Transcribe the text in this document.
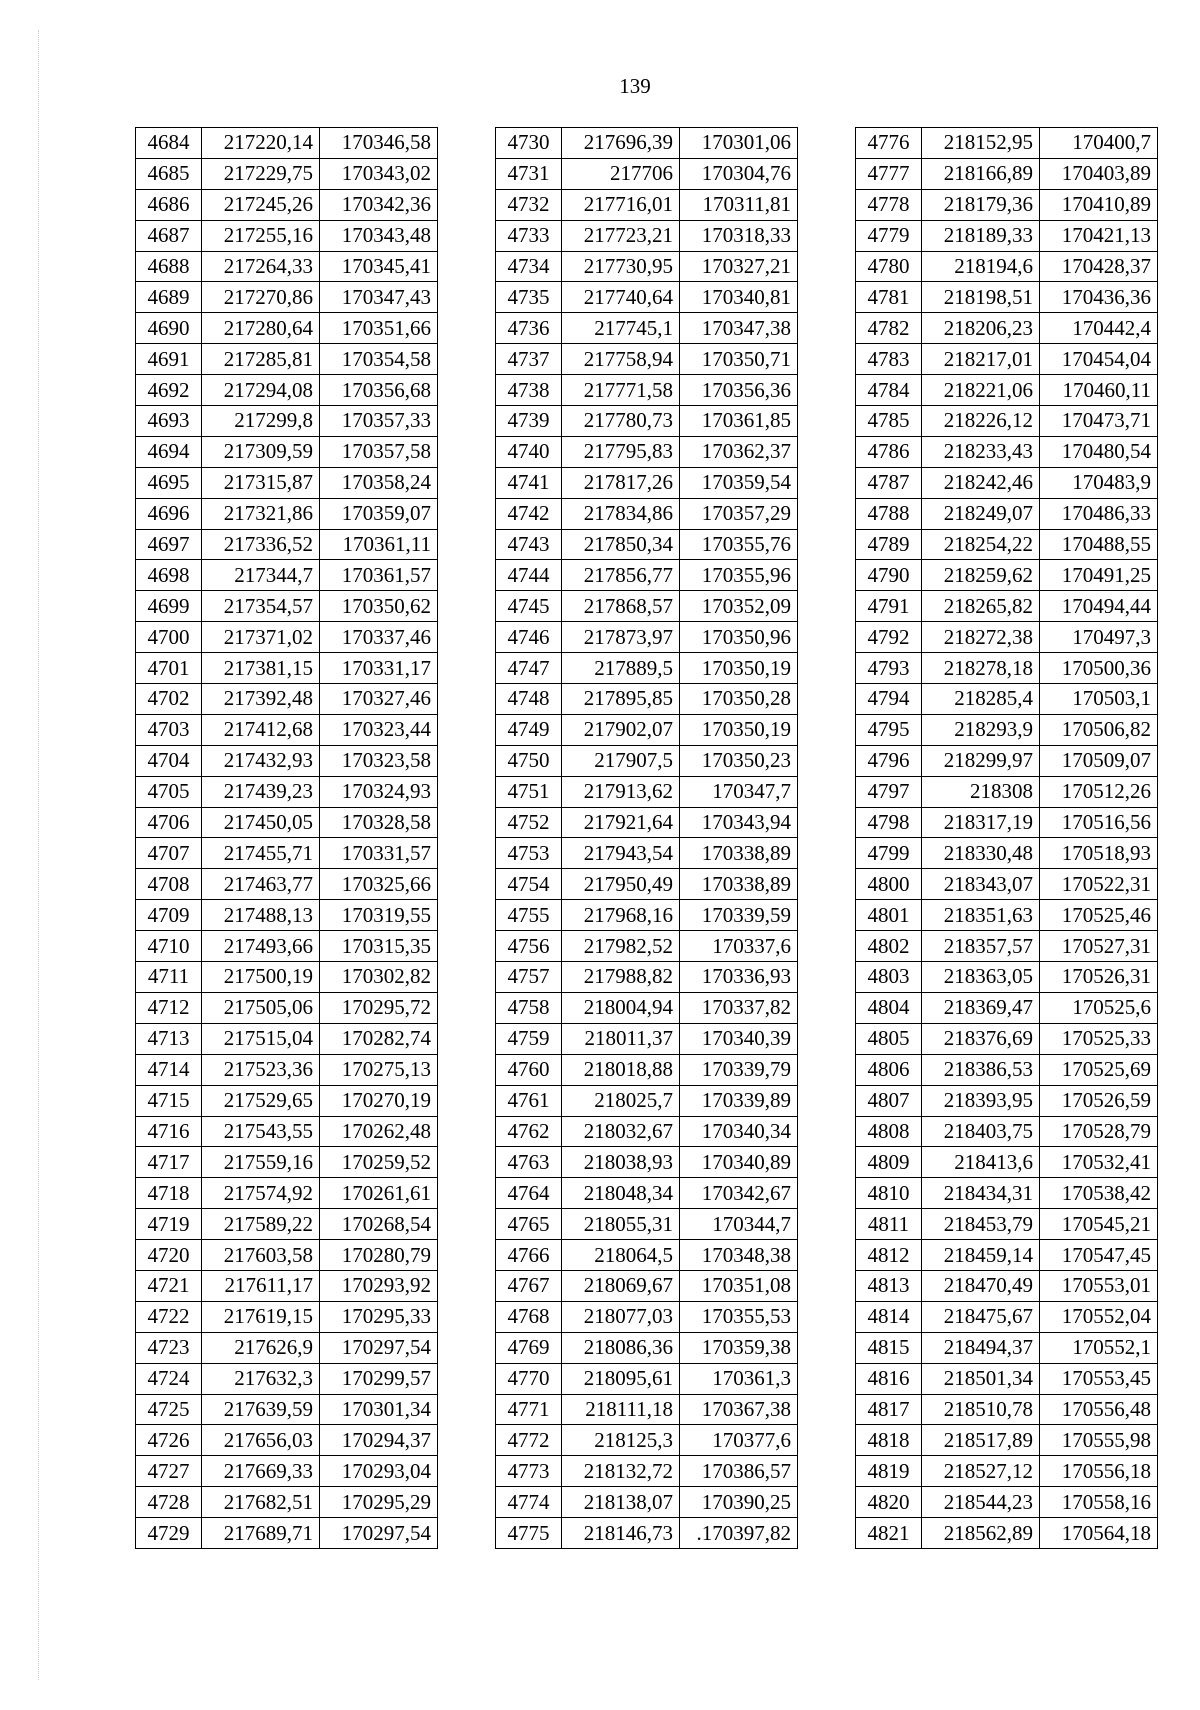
139
4684	217220,14	170346,58
4685	217229,75	170343,02
4686	217245,26	170342,36
4687	217255,16	170343,48
4688	217264,33	170345,41
4689	217270,86	170347,43
4690	217280,64	170351,66
4691	217285,81	170354,58
4692	217294,08	170356,68
4693	217299,8	170357,33
4694	217309,59	170357,58
4695	217315,87	170358,24
4696	217321,86	170359,07
4697	217336,52	170361,11
4698	217344,7	170361,57
4699	217354,57	170350,62
4700	217371,02	170337,46
4701	217381,15	170331,17
4702	217392,48	170327,46
4703	217412,68	170323,44
4704	217432,93	170323,58
4705	217439,23	170324,93
4706	217450,05	170328,58
4707	217455,71	170331,57
4708	217463,77	170325,66
4709	217488,13	170319,55
4710	217493,66	170315,35
4711	217500,19	170302,82
4712	217505,06	170295,72
4713	217515,04	170282,74
4714	217523,36	170275,13
4715	217529,65	170270,19
4716	217543,55	170262,48
4717	217559,16	170259,52
4718	217574,92	170261,61
4719	217589,22	170268,54
4720	217603,58	170280,79
4721	217611,17	170293,92
4722	217619,15	170295,33
4723	217626,9	170297,54
4724	217632,3	170299,57
4725	217639,59	170301,34
4726	217656,03	170294,37
4727	217669,33	170293,04
4728	217682,51	170295,29
4729	217689,71	170297,54
4730	217696,39	170301,06
4731	217706	170304,76
4732	217716,01	170311,81
4733	217723,21	170318,33
4734	217730,95	170327,21
4735	217740,64	170340,81
4736	217745,1	170347,38
4737	217758,94	170350,71
4738	217771,58	170356,36
4739	217780,73	170361,85
4740	217795,83	170362,37
4741	217817,26	170359,54
4742	217834,86	170357,29
4743	217850,34	170355,76
4744	217856,77	170355,96
4745	217868,57	170352,09
4746	217873,97	170350,96
4747	217889,5	170350,19
4748	217895,85	170350,28
4749	217902,07	170350,19
4750	217907,5	170350,23
4751	217913,62	170347,7
4752	217921,64	170343,94
4753	217943,54	170338,89
4754	217950,49	170338,89
4755	217968,16	170339,59
4756	217982,52	170337,6
4757	217988,82	170336,93
4758	218004,94	170337,82
4759	218011,37	170340,39
4760	218018,88	170339,79
4761	218025,7	170339,89
4762	218032,67	170340,34
4763	218038,93	170340,89
4764	218048,34	170342,67
4765	218055,31	170344,7
4766	218064,5	170348,38
4767	218069,67	170351,08
4768	218077,03	170355,53
4769	218086,36	170359,38
4770	218095,61	170361,3
4771	218111,18	170367,38
4772	218125,3	170377,6
4773	218132,72	170386,57
4774	218138,07	170390,25
4775	218146,73	.170397,82
4776	218152,95	170400,7
4777	218166,89	170403,89
4778	218179,36	170410,89
4779	218189,33	170421,13
4780	218194,6	170428,37
4781	218198,51	170436,36
4782	218206,23	170442,4
4783	218217,01	170454,04
4784	218221,06	170460,11
4785	218226,12	170473,71
4786	218233,43	170480,54
4787	218242,46	170483,9
4788	218249,07	170486,33
4789	218254,22	170488,55
4790	218259,62	170491,25
4791	218265,82	170494,44
4792	218272,38	170497,3
4793	218278,18	170500,36
4794	218285,4	170503,1
4795	218293,9	170506,82
4796	218299,97	170509,07
4797	218308	170512,26
4798	218317,19	170516,56
4799	218330,48	170518,93
4800	218343,07	170522,31
4801	218351,63	170525,46
4802	218357,57	170527,31
4803	218363,05	170526,31
4804	218369,47	170525,6
4805	218376,69	170525,33
4806	218386,53	170525,69
4807	218393,95	170526,59
4808	218403,75	170528,79
4809	218413,6	170532,41
4810	218434,31	170538,42
4811	218453,79	170545,21
4812	218459,14	170547,45
4813	218470,49	170553,01
4814	218475,67	170552,04
4815	218494,37	170552,1
4816	218501,34	170553,45
4817	218510,78	170556,48
4818	218517,89	170555,98
4819	218527,12	170556,18
4820	218544,23	170558,16
4821	218562,89	170564,18
